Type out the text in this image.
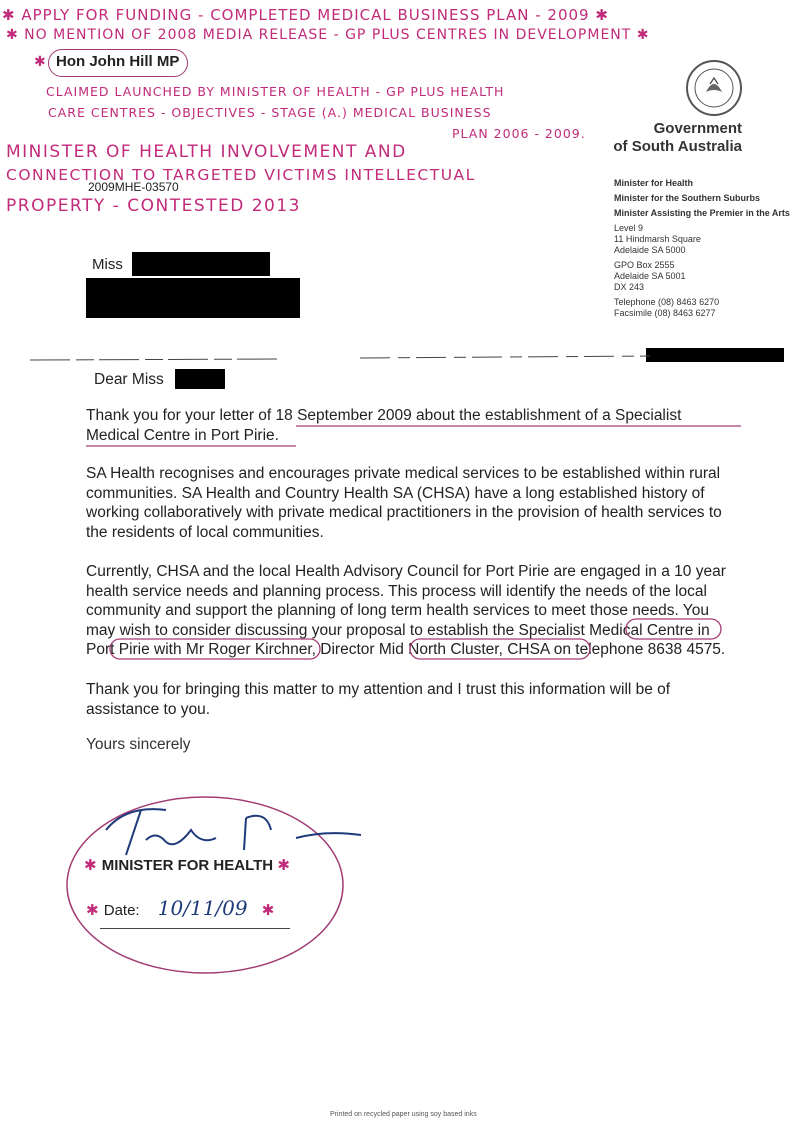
✱ APPLY FOR FUNDING - COMPLETED MEDICAL BUSINESS PLAN - 2009 ✱
✱ NO MENTION OF 2008 MEDIA RELEASE - GP PLUS CENTRES IN DEVELOPMENT ✱
✱ Hon John Hill MP
CLAIMED LAUNCHED BY MINISTER OF HEALTH - GP PLUS HEALTH
CARE CENTRES - OBJECTIVES - STAGE (A.) MEDICAL BUSINESS
PLAN 2006 - 2009.
MINISTER OF HEALTH INVOLVEMENT AND
CONNECTION TO TARGETED VICTIMS INTELLECTUAL
2009MHE-03570
PROPERTY - CONTESTED 2013
Government
of South Australia

Minister for Health

Minister for the Southern Suburbs

Minister Assisting the Premier in the Arts

Level 9
11 Hindmarsh Square

Adelaide SA 5000

GPO Box 2555
Adelaide SA 5001

DX 243

Telephone (08) 8463 6270
Facsimile (08) 8463 6277
Miss
Dear Miss
Thank you for your letter of 18 September 2009 about the establishment of a Specialist Medical Centre in Port Pirie.
SA Health recognises and encourages private medical services to be established within rural communities. SA Health and Country Health SA (CHSA) have a long established history of working collaboratively with private medical practitioners in the provision of health services to the residents of local communities.
Currently, CHSA and the local Health Advisory Council for Port Pirie are engaged in a 10 year health service needs and planning process. This process will identify the needs of the local community and support the planning of long term health services to meet those needs. You may wish to consider discussing your proposal to establish the Specialist Medical Centre in Port Pirie with Mr Roger Kirchner, Director Mid North Cluster, CHSA on telephone 8638 4575.
Thank you for bringing this matter to my attention and I trust this information will be of assistance to you.
Yours sincerely
✱ MINISTER FOR HEALTH ✱
✱ Date: 10/11/09 ✱
Printed on recycled paper using soy based inks
